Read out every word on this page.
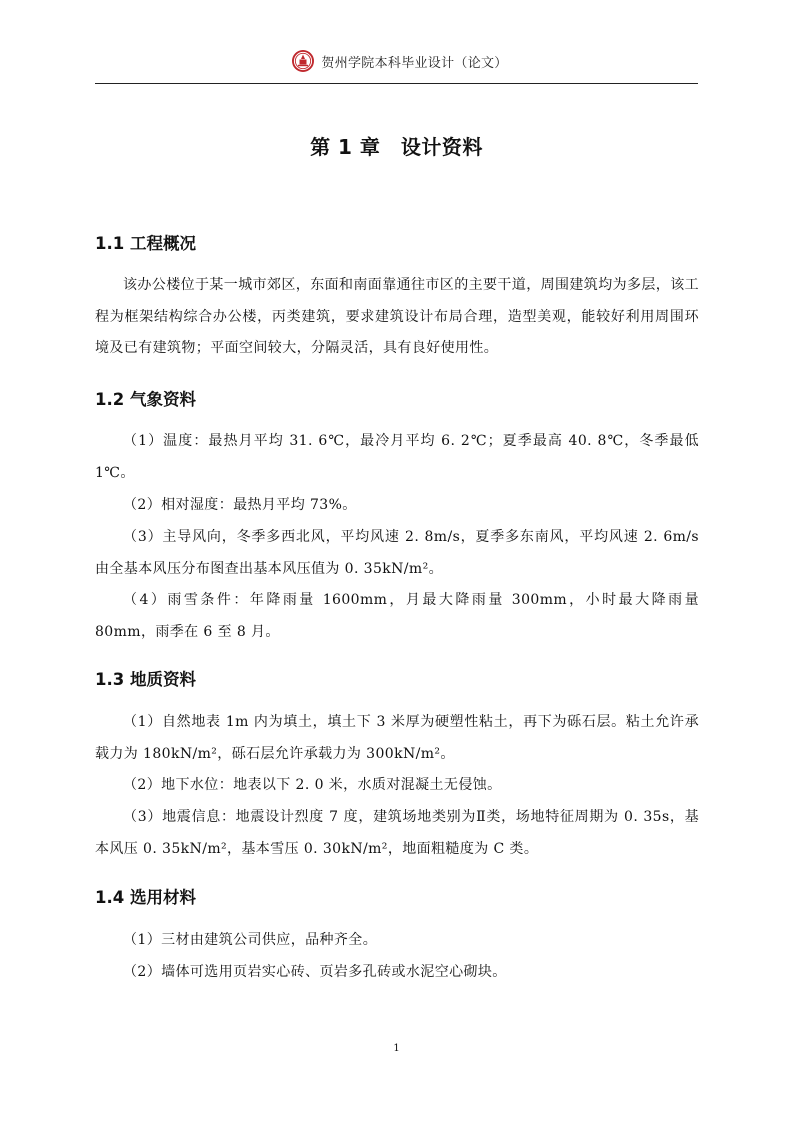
贺州学院本科毕业设计（论文）
第 1 章　设计资料
1.1 工程概况
该办公楼位于某一城市郊区，东面和南面靠通往市区的主要干道，周围建筑均为多层，该工程为框架结构综合办公楼，丙类建筑，要求建筑设计布局合理，造型美观，能较好利用周围环境及已有建筑物；平面空间较大，分隔灵活，具有良好使用性。
1.2 气象资料
（1）温度：最热月平均 31. 6℃，最冷月平均 6. 2℃；夏季最高 40. 8℃，冬季最低 1℃。
（2）相对湿度：最热月平均 73%。
（3）主导风向，冬季多西北风，平均风速 2. 8m/s，夏季多东南风，平均风速 2. 6m/s 由全基本风压分布图查出基本风压值为 0. 35kN/m²。
（4）雨雪条件：年降雨量 1600mm，月最大降雨量 300mm，小时最大降雨量 80mm，雨季在 6 至 8 月。
1.3 地质资料
（1）自然地表 1m 内为填土，填土下 3 米厚为硬塑性粘土，再下为砾石层。粘土允许承载力为 180kN/m²，砾石层允许承载力为 300kN/m²。
（2）地下水位：地表以下 2. 0 米，水质对混凝土无侵蚀。
（3）地震信息：地震设计烈度 7 度，建筑场地类别为Ⅱ类，场地特征周期为 0. 35s，基本风压 0. 35kN/m²，基本雪压 0. 30kN/m²，地面粗糙度为 C 类。
1.4 选用材料
（1）三材由建筑公司供应，品种齐全。
（2）墙体可选用页岩实心砖、页岩多孔砖或水泥空心砌块。
1
